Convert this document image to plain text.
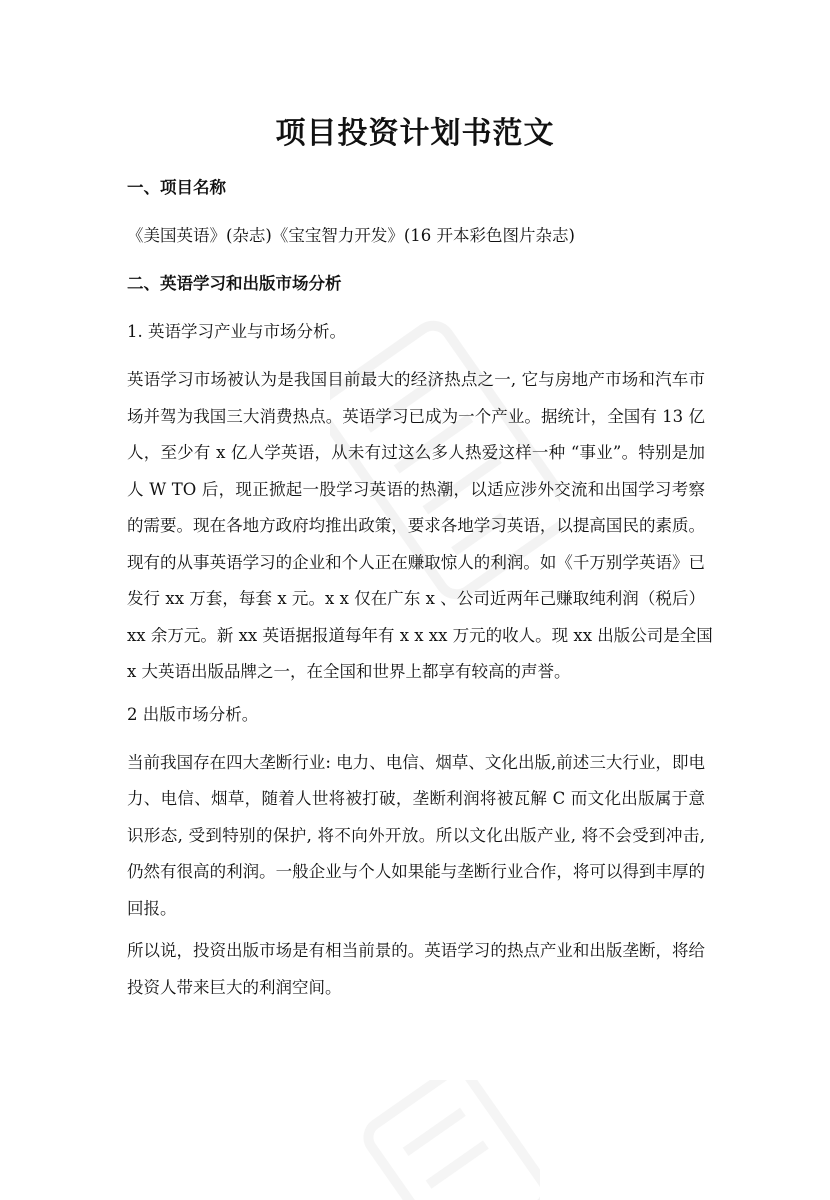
项目投资计划书范文
一、项目名称
《美国英语》(杂志)《宝宝智力开发》(16 开本彩色图片杂志)
二、英语学习和出版市场分析
1. 英语学习产业与市场分析。
英语学习市场被认为是我国目前最大的经济热点之一, 它与房地产市场和汽车市
场并驾为我国三大消费热点。英语学习已成为一个产业。据统计，全国有 13 亿
人，至少有 x 亿人学英语，从未有过这么多人热爱这样一种 “事业”。特别是加
人 W TO 后，现正掀起一股学习英语的热潮，以适应涉外交流和出国学习考察
的需要。现在各地方政府均推出政策，要求各地学习英语，以提高国民的素质。
现有的从事英语学习的企业和个人正在赚取惊人的利润。如《千万别学英语》已
发行 xx 万套，每套 x 元。x x 仅在广东 x 、公司近两年己赚取纯利润（税后）
xx 余万元。新 xx 英语据报道每年有 x x xx 万元的收人。现 xx 出版公司是全国
x 大英语出版品牌之一，在全国和世界上都享有较高的声誉。
2 出版市场分析。
当前我国存在四大垄断行业: 电力、电信、烟草、文化出版,前述三大行业，即电
力、电信、烟草，随着人世将被打破，垄断利润将被瓦解 C 而文化出版属于意
识形态, 受到特别的保护, 将不向外开放。所以文化出版产业, 将不会受到冲击,
仍然有很高的利润。一般企业与个人如果能与垄断行业合作，将可以得到丰厚的
回报。
所以说，投资出版市场是有相当前景的。英语学习的热点产业和出版垄断，将给
投资人带来巨大的利润空间。
